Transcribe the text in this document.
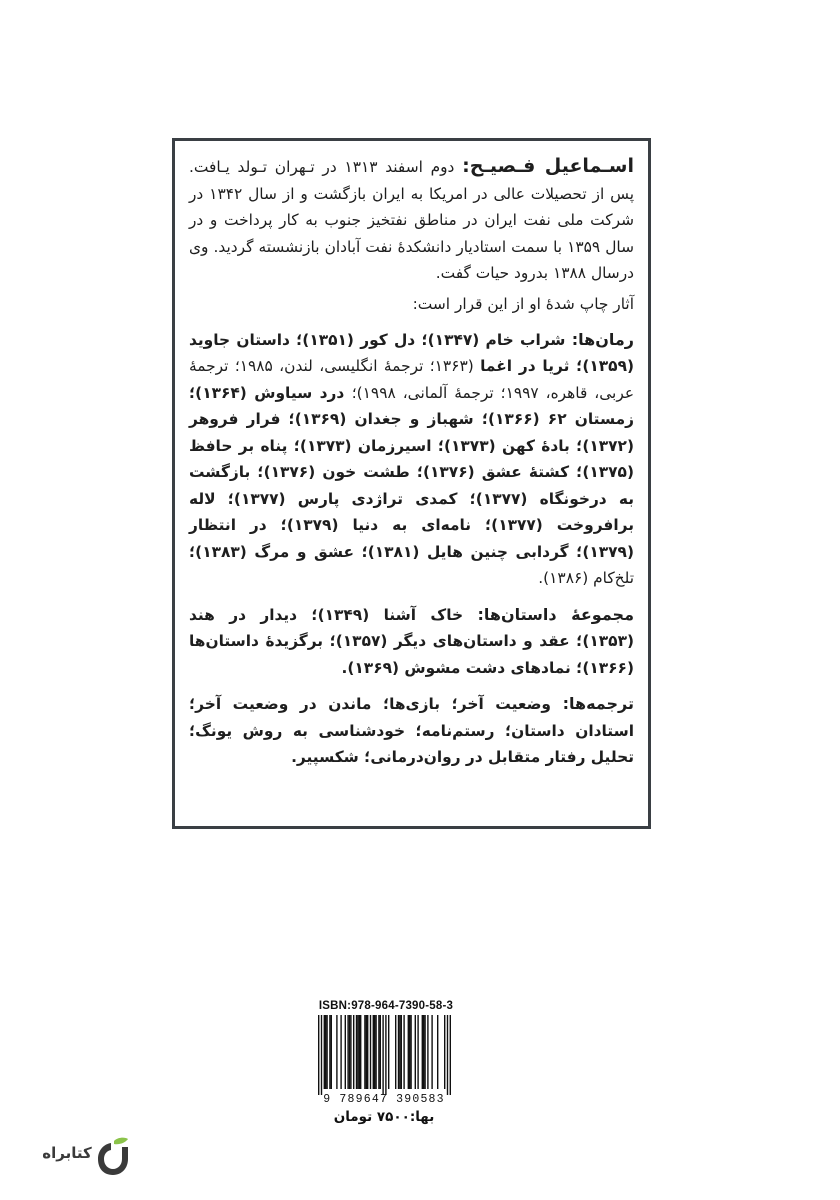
اسـماعیل فـصیـح: دوم اسفند ۱۳۱۳ در تـهران تـولد یـافت. پس از تحصیلات عالی در امریکا به ایران بازگشت و از سال ۱۳۴۲ در شرکت ملی نفت ایران در مناطق نفتخیز جنوب به کار پرداخت و در سال ۱۳۵۹ با سمت استادیار دانشکدهٔ نفت آبادان بازنشسته گردید. وی درسال ۱۳۸۸ بدرود حیات گفت.

آثار چاپ شدهٔ او از این قرار است:

رمان‌ها: شراب خام (۱۳۴۷)؛ دل کور (۱۳۵۱)؛ داستان جاوید (۱۳۵۹)؛ ثریا در اغما (۱۳۶۳؛ ترجمهٔ انگلیسی، لندن، ۱۹۸۵؛ ترجمهٔ عربی، قاهره، ۱۹۹۷؛ ترجمهٔ آلمانی، ۱۹۹۸)؛ درد سیاوش (۱۳۶۴)؛ زمستان ۶۲ (۱۳۶۶)؛ شهباز و جغدان (۱۳۶۹)؛ فرار فروهر (۱۳۷۲)؛ بادهٔ کهن (۱۳۷۳)؛ اسیرزمان (۱۳۷۳)؛ پناه بر حافظ (۱۳۷۵)؛ کشتهٔ عشق (۱۳۷۶)؛ طشت خون (۱۳۷۶)؛ بازگشت به درخونگاه (۱۳۷۷)؛ کمدی تراژدی پارس (۱۳۷۷)؛ لاله برافروخت (۱۳۷۷)؛ نامه‌ای به دنیا (۱۳۷۹)؛ در انتظار (۱۳۷۹)؛ گردابی چنین هایل (۱۳۸۱)؛ عشق و مرگ (۱۳۸۳)؛ تلخ‌کام (۱۳۸۶).

مجموعهٔ داستان‌ها: خاک آشنا (۱۳۴۹)؛ دیدار در هند (۱۳۵۳)؛ عقد و داستان‌های دیگر (۱۳۵۷)؛ برگزیدهٔ داستان‌ها (۱۳۶۶)؛ نمادهای دشت مشوش (۱۳۶۹).

ترجمه‌ها: وضعیت آخر؛ بازی‌ها؛ ماندن در وضعیت آخر؛ استادان داستان؛ رستم‌نامه؛ خودشناسی به روش یونگ؛ تحلیل رفتار متقابل در روان‌درمانی؛ شکسپیر.

ISBN:978-964-7390-58-3
9 789647 390583
بها:۷۵۰۰ تومان
کتابراه
